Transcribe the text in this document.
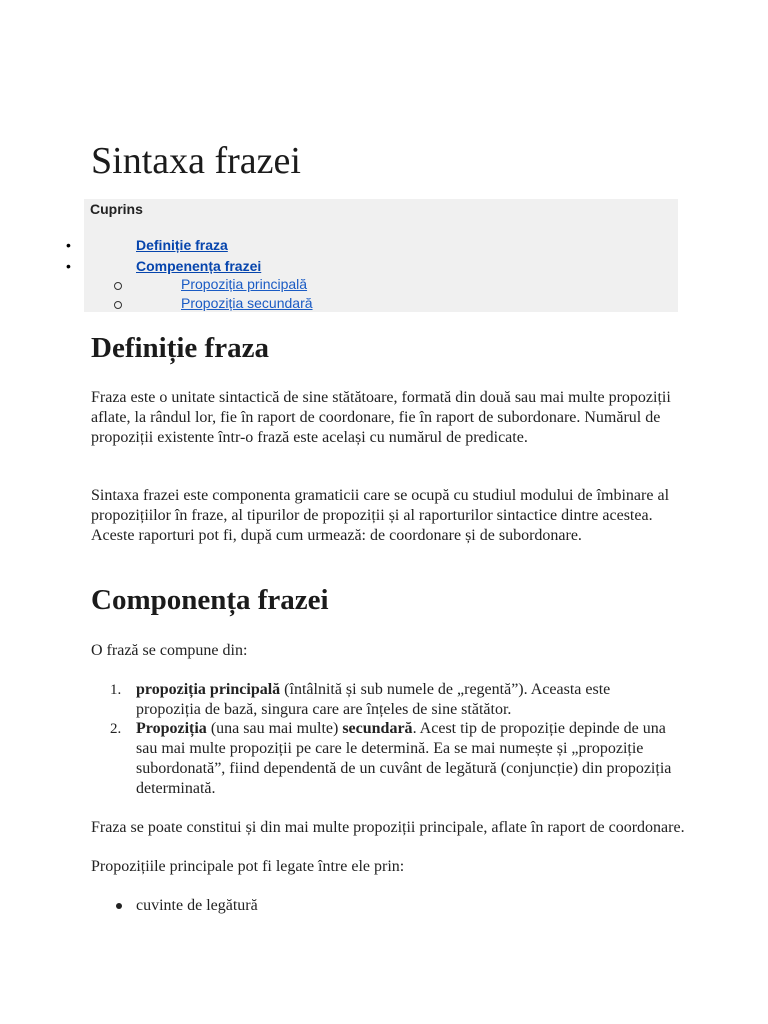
Sintaxa frazei
Cuprins
•	Definiție fraza
•	Compenența frazei
Propoziția principală
Propoziția secundară
Definiție fraza

Fraza este o unitate sintactică de sine stătătoare, formată din două sau mai multe propoziții aflate, la rândul lor, fie în raport de coordonare, fie în raport de subordonare. Numărul de propoziții existente într-o frază este același cu numărul de predicate.

Sintaxa frazei este componenta gramaticii care se ocupă cu studiul modului de îmbinare al propozițiilor în fraze, al tipurilor de propoziții și al raporturilor sintactice dintre acestea. Aceste raporturi pot fi, după cum urmează: de coordonare și de subordonare.

Componența frazei

O frază se compune din:

1. propoziția principală (întâlnită și sub numele de „regentă”). Aceasta este propoziția de bază, singura care are înțeles de sine stătător.
2. Propoziția (una sau mai multe) secundară. Acest tip de propoziție depinde de una sau mai multe propoziții pe care le determină. Ea se mai numește și „propoziție subordonată”, fiind dependentă de un cuvânt de legătură (conjuncție) din propoziția determinată.

Fraza se poate constitui și din mai multe propoziții principale, aflate în raport de coordonare.

Propozițiile principale pot fi legate între ele prin:

cuvinte de legătură
